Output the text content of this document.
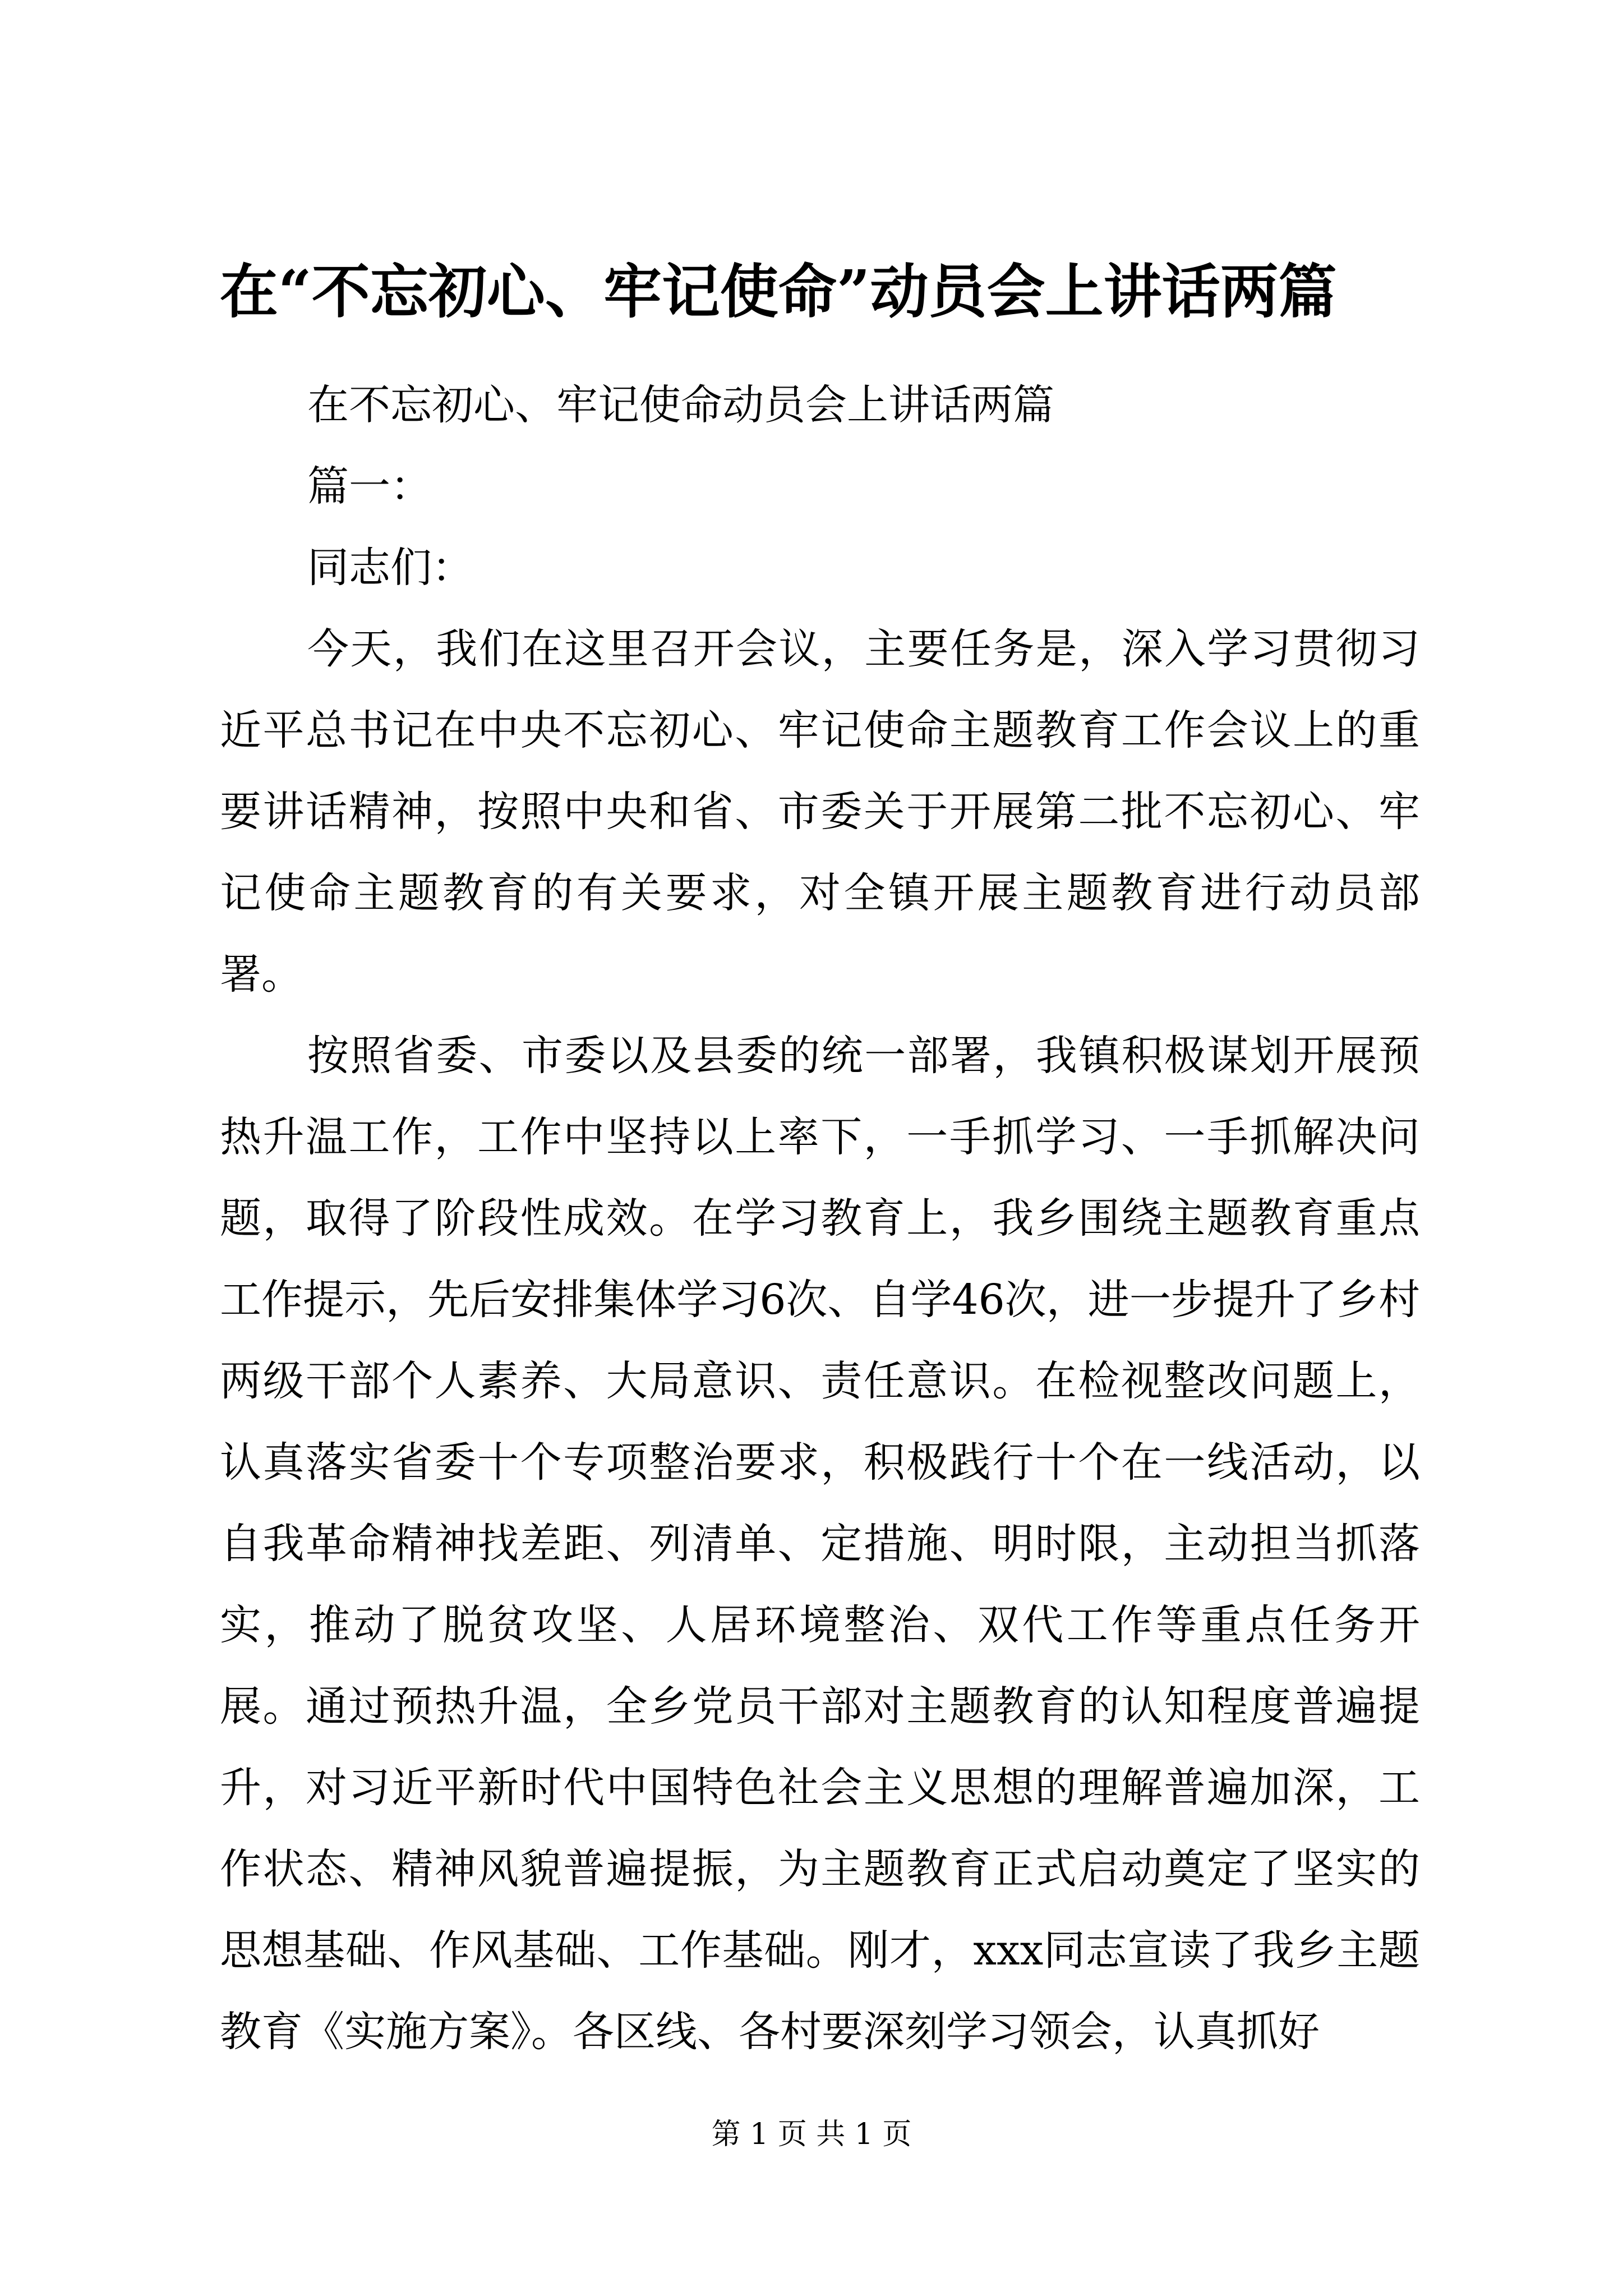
在“不忘初心、牢记使命”动员会上讲话两篇

在不忘初心、牢记使命动员会上讲话两篇

篇一：

同志们：

今天，我们在这里召开会议，主要任务是，深入学习贯彻习近平总书记在中央不忘初心、牢记使命主题教育工作会议上的重要讲话精神，按照中央和省、市委关于开展第二批不忘初心、牢记使命主题教育的有关要求，对全镇开展主题教育进行动员部署。

按照省委、市委以及县委的统一部署，我镇积极谋划开展预热升温工作，工作中坚持以上率下，一手抓学习、一手抓解决问题，取得了阶段性成效。在学习教育上，我乡围绕主题教育重点工作提示，先后安排集体学习6次、自学46次，进一步提升了乡村两级干部个人素养、大局意识、责任意识。在检视整改问题上，认真落实省委十个专项整治要求，积极践行十个在一线活动，以自我革命精神找差距、列清单、定措施、明时限，主动担当抓落实，推动了脱贫攻坚、人居环境整治、双代工作等重点任务开展。通过预热升温，全乡党员干部对主题教育的认知程度普遍提升，对习近平新时代中国特色社会主义思想的理解普遍加深，工作状态、精神风貌普遍提振，为主题教育正式启动奠定了坚实的思想基础、作风基础、工作基础。刚才，xxx同志宣读了我乡主题教育《实施方案》。各区线、各村要深刻学习领会，认真抓好

第 1 页 共 1 页
